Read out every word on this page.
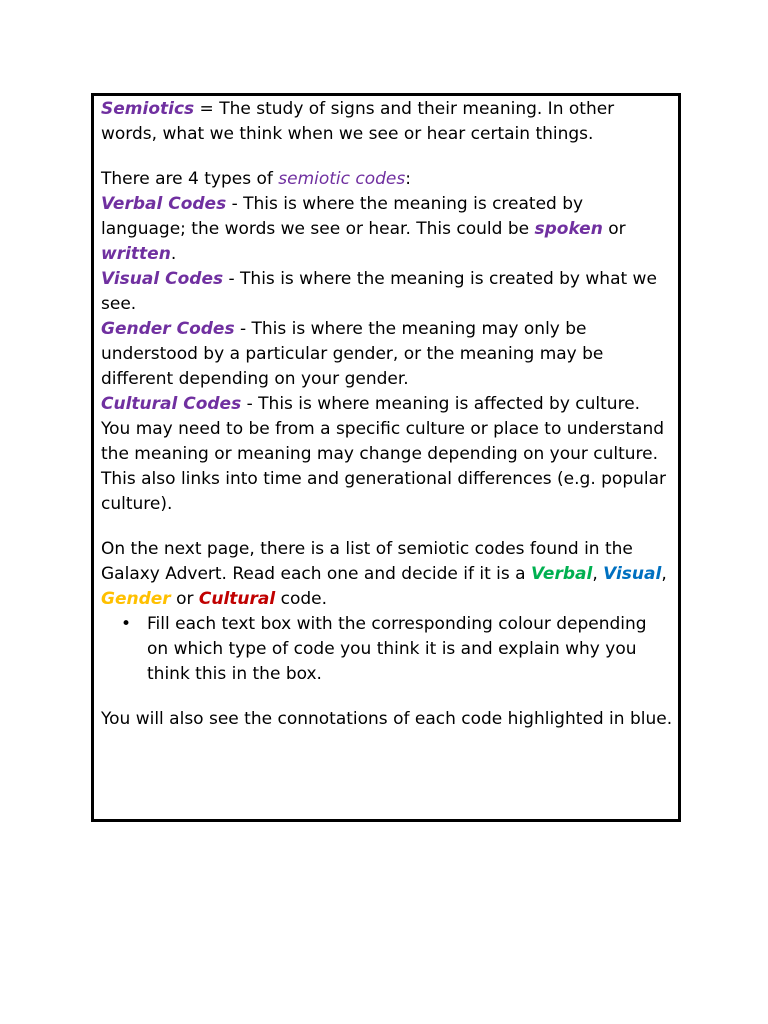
Semiotics = The study of signs and their meaning. In other words, what we think when we see or hear certain things.

There are 4 types of semiotic codes:

Verbal Codes - This is where the meaning is created by language; the words we see or hear. This could be spoken or written.

Visual Codes - This is where the meaning is created by what we see.

Gender Codes - This is where the meaning may only be understood by a particular gender, or the meaning may be different depending on your gender.

Cultural Codes - This is where meaning is affected by culture. You may need to be from a specific culture or place to understand the meaning or meaning may change depending on your culture. This also links into time and generational differences (e.g. popular culture).

On the next page, there is a list of semiotic codes found in the Galaxy Advert. Read each one and decide if it is a Verbal, Visual, Gender or Cultural code.

• Fill each text box with the corresponding colour depending on which type of code you think it is and explain why you think this in the box.

You will also see the connotations of each code highlighted in blue.
